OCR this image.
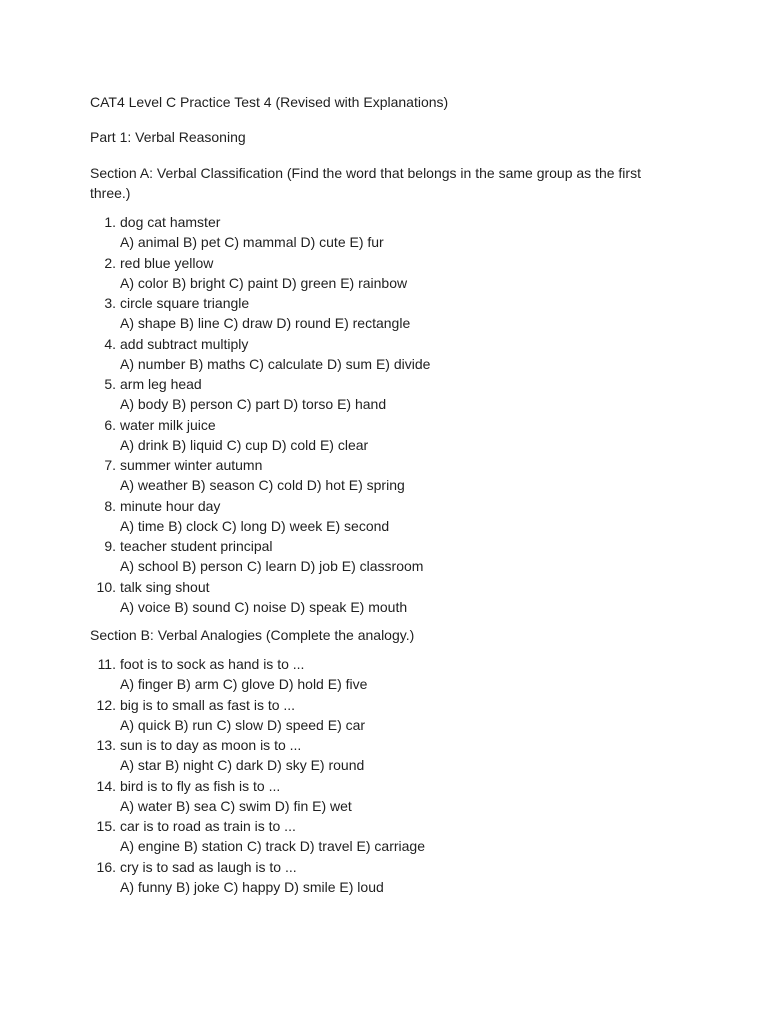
CAT4 Level C Practice Test 4 (Revised with Explanations)
Part 1: Verbal Reasoning
Section A: Verbal Classification (Find the word that belongs in the same group as the first three.)
1. dog cat hamster
A) animal B) pet C) mammal D) cute E) fur
2. red blue yellow
A) color B) bright C) paint D) green E) rainbow
3. circle square triangle
A) shape B) line C) draw D) round E) rectangle
4. add subtract multiply
A) number B) maths C) calculate D) sum E) divide
5. arm leg head
A) body B) person C) part D) torso E) hand
6. water milk juice
A) drink B) liquid C) cup D) cold E) clear
7. summer winter autumn
A) weather B) season C) cold D) hot E) spring
8. minute hour day
A) time B) clock C) long D) week E) second
9. teacher student principal
A) school B) person C) learn D) job E) classroom
10. talk sing shout
A) voice B) sound C) noise D) speak E) mouth
Section B: Verbal Analogies (Complete the analogy.)
11. foot is to sock as hand is to ...
A) finger B) arm C) glove D) hold E) five
12. big is to small as fast is to ...
A) quick B) run C) slow D) speed E) car
13. sun is to day as moon is to ...
A) star B) night C) dark D) sky E) round
14. bird is to fly as fish is to ...
A) water B) sea C) swim D) fin E) wet
15. car is to road as train is to ...
A) engine B) station C) track D) travel E) carriage
16. cry is to sad as laugh is to ...
A) funny B) joke C) happy D) smile E) loud
